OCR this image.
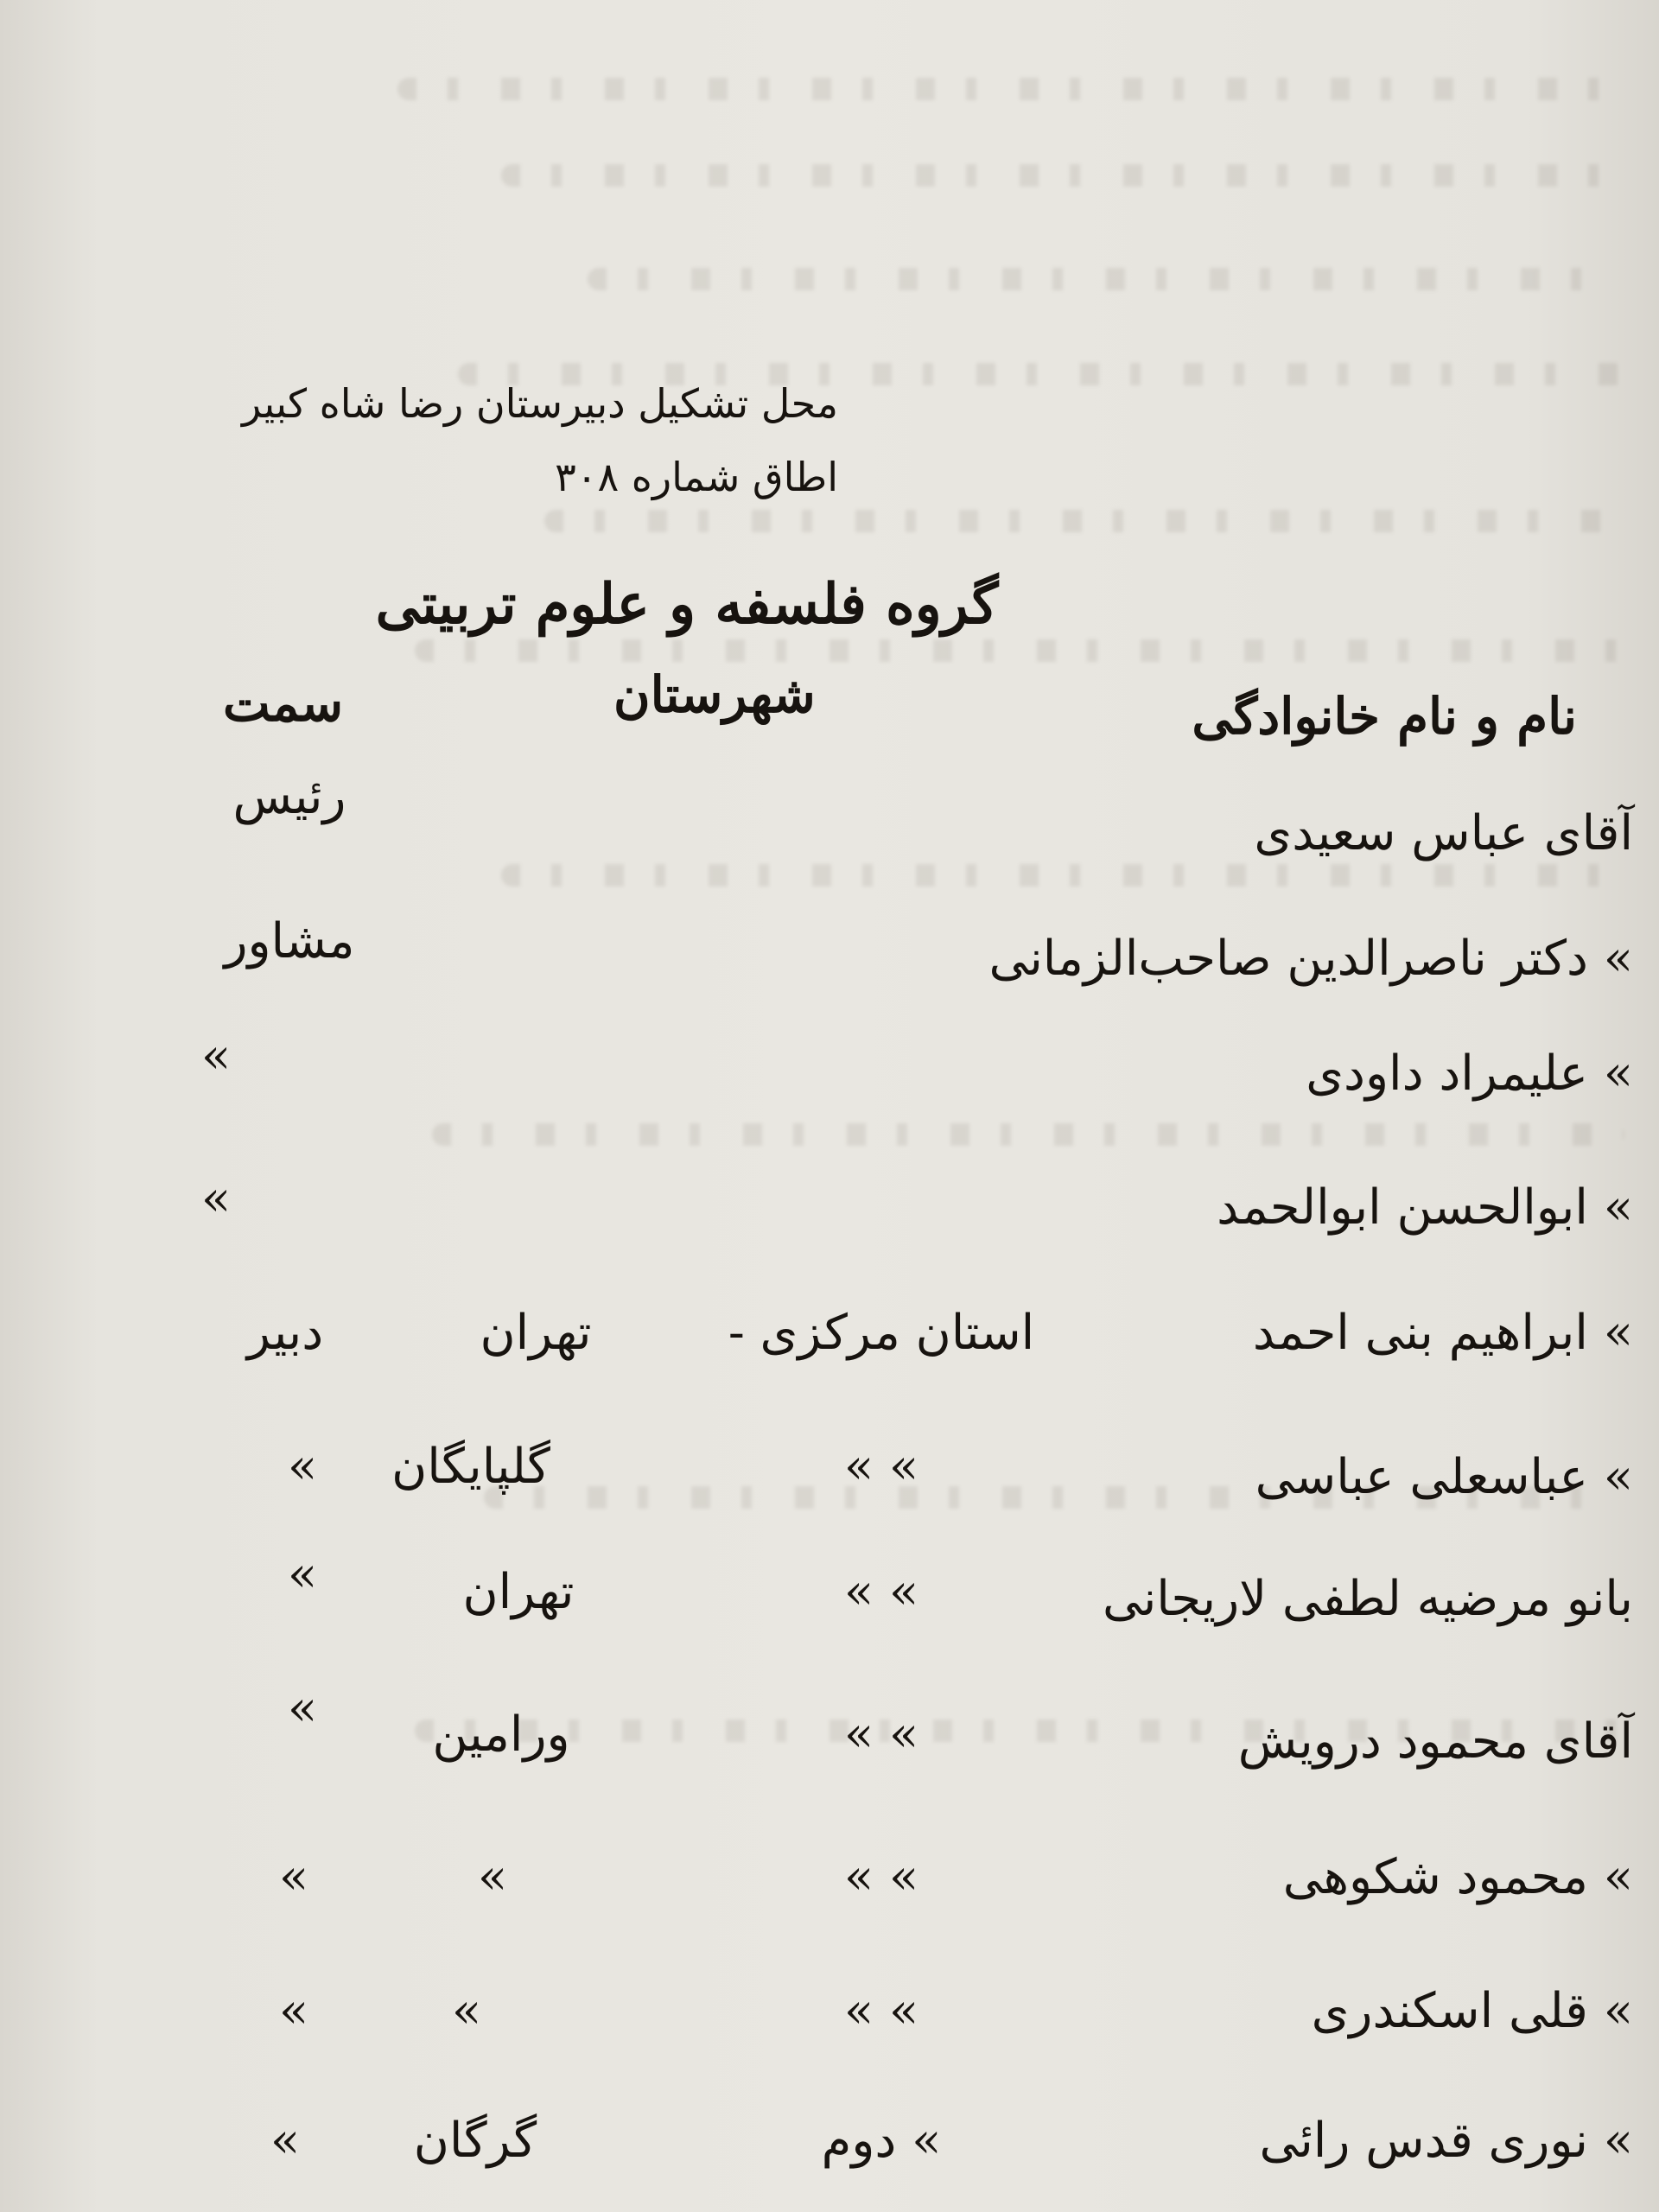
محل تشکیل دبیرستان رضا شاه کبیر
اطاق شماره ۳۰۸
گروه فلسفه و علوم تربیتی
نام و نام خانوادگی
شهرستان
سمت
آقای عباس سعیدی
رئیس
» دکتر ناصرالدین صاحب‌الزمانی
مشاور
» علیمراد داودی
»
» ابوالحسن ابوالحمد
»
» ابراهیم بنی احمد
استان مرکزی -
تهران
دبیر
» عباسعلی عباسی
» »
گلپایگان
»
بانو مرضیه لطفی لاریجانی
» »
تهران
»
آقای محمود درویش
» »
ورامین
»
» محمود شکوهی
» »
»
»
» قلی اسکندری
» »
»
»
» نوری قدس رائی
» دوم
گرگان
»
